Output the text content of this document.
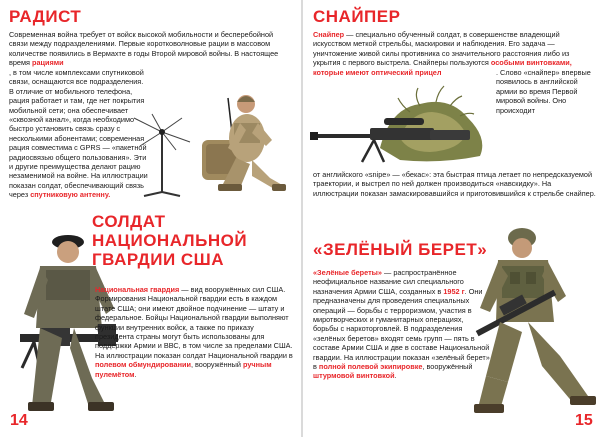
РАДИСТ
Современная война требует от войск высокой мобильности и бесперебойной связи между подразделениями. Первые коротковолновые рации в массовом количестве появились в Вермахте в годы Второй мировой войны. В настоящее время рациями
, в том числе комплексами спутниковой связи, оснащаются все подразделения. В отличие от мобильного телефона, рация работает и там, где нет покрытия мобильной сети; она обеспечивает «сквозной канал», когда необходимо быстро установить связь сразу с несколькими абонентами; современная рация совместима с GPRS — «пакетной радиосвязью общего пользования». Эти и другие преимущества делают рацию незаменимой на войне. На иллюстрации показан солдат, обеспечивающий связь через спутниковую антенну.
СОЛДАТ
НАЦИОНАЛЬНОЙ
ГВАРДИИ США
Национальная гвардия — вид вооружённых сил США. Формирования Национальной гвардии есть в каждом штате США; они имеют двойное подчинение — штату и федеральное. Бойцы Национальной гвардии выполняют функции внутренних войск, а также по приказу президента страны могут быть использованы для поддержки Армии и ВВС, в том числе за пределами США. На иллюстрации показан солдат Национальной гвардии в полевом обмундировании, вооружённый ручным пулемётом.
14
СНАЙПЕР
Снайпер — специально обученный солдат, в совершенстве владеющий искусством меткой стрельбы, маскировки и наблюдения. Его задача — уничтожение живой силы противника со значительного расстояния либо из укрытия с первого выстрела. Снайперы пользуются особыми винтовками, которые имеют оптический прицел	. Слово «снайпер» впервые появилось в английской армии во время Первой мировой войны. Оно происходит
от английского «snipe» — «бекас»: эта быстрая птица летает по непредсказуемой траектории, и выстрел по ней должен производиться «навскидку». На иллюстрации показан замаскировавшийся и приготовившийся к стрельбе снайпер.
«ЗЕЛЁНЫЙ БЕРЕТ»
«Зелёные береты» — распространённое неофициальное название сил специального назначения Армии США, созданных в 1952 г. Они предназначены для проведения специальных операций — борьбы с терроризмом, участия в миротворческих и гуманитарных операциях, борьбы с наркоторговлей. В подразделения «зелёных беретов» входят семь групп — пять в составе Армии США и две в составе Национальной гвардии. На иллюстрации показан «зелёный берет» в полной полевой экипировке, вооружённый штурмовой винтовкой.
15
